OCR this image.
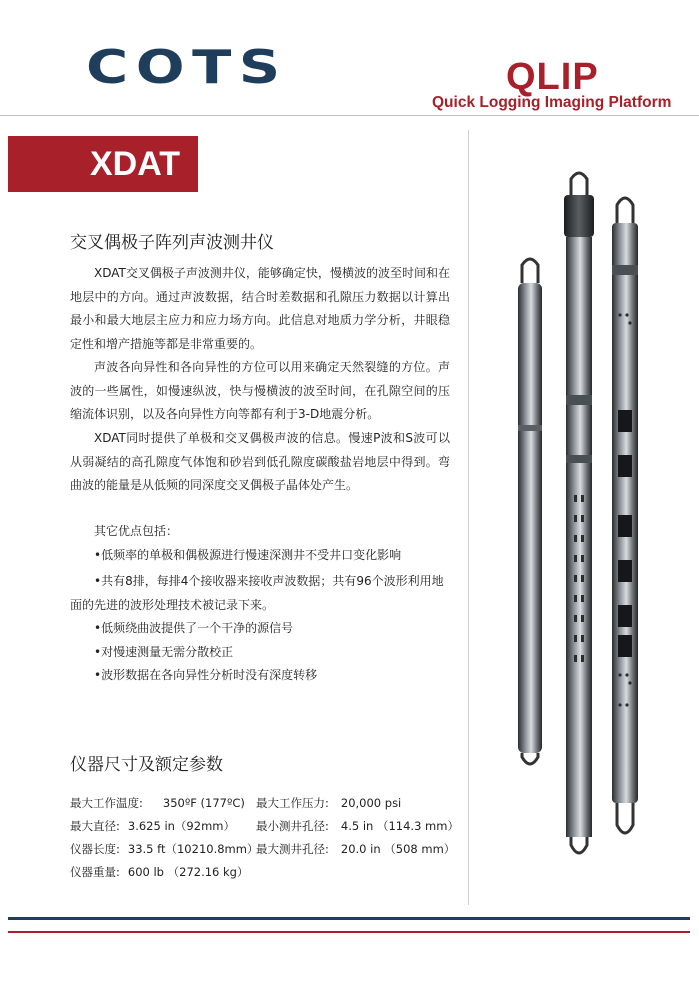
COTS	QLIP
Quick Logging Imaging Platform
XDAT
交叉偶极子阵列声波测井仪

XDAT交叉偶极子声波测井仪，能够确定快，慢横波的波至时间和在地层中的方向。通过声波数据，结合时差数据和孔隙压力数据以计算出最小和最大地层主应力和应力场方向。此信息对地质力学分析，井眼稳定性和增产措施等都是非常重要的。

声波各向异性和各向异性的方位可以用来确定天然裂缝的方位。声波的一些属性，如慢速纵波，快与慢横波的波至时间，在孔隙空间的压缩流体识别，以及各向异性方向等都有利于3-D地震分析。

XDAT同时提供了单极和交叉偶极声波的信息。慢速P波和S波可以从弱凝结的高孔隙度气体饱和砂岩到低孔隙度碳酸盐岩地层中得到。弯曲波的能量是从低频的同深度交叉偶极子晶体处产生。

其它优点包括：

•低频率的单极和偶极源进行慢速深测井不受井口变化影响

•共有8排，每排4个接收器来接收声波数据；共有96个波形利用地面的先进的波形处理技术被记录下来。

•低频绕曲波提供了一个干净的源信号

•对慢速测量无需分散校正

•波形数据在各向异性分析时没有深度转移

仪器尺寸及额定参数
最大工作温度: 350ºF (177ºC)
最大直径: 3.625 in（92mm）
仪器长度: 33.5 ft（10210.8mm）
仪器重量: 600 lb （272.16 kg）
最大工作压力: 20,000 psi
最小测井孔径: 4.5 in （114.3 mm）
最大测井孔径: 20.0 in （508 mm）
